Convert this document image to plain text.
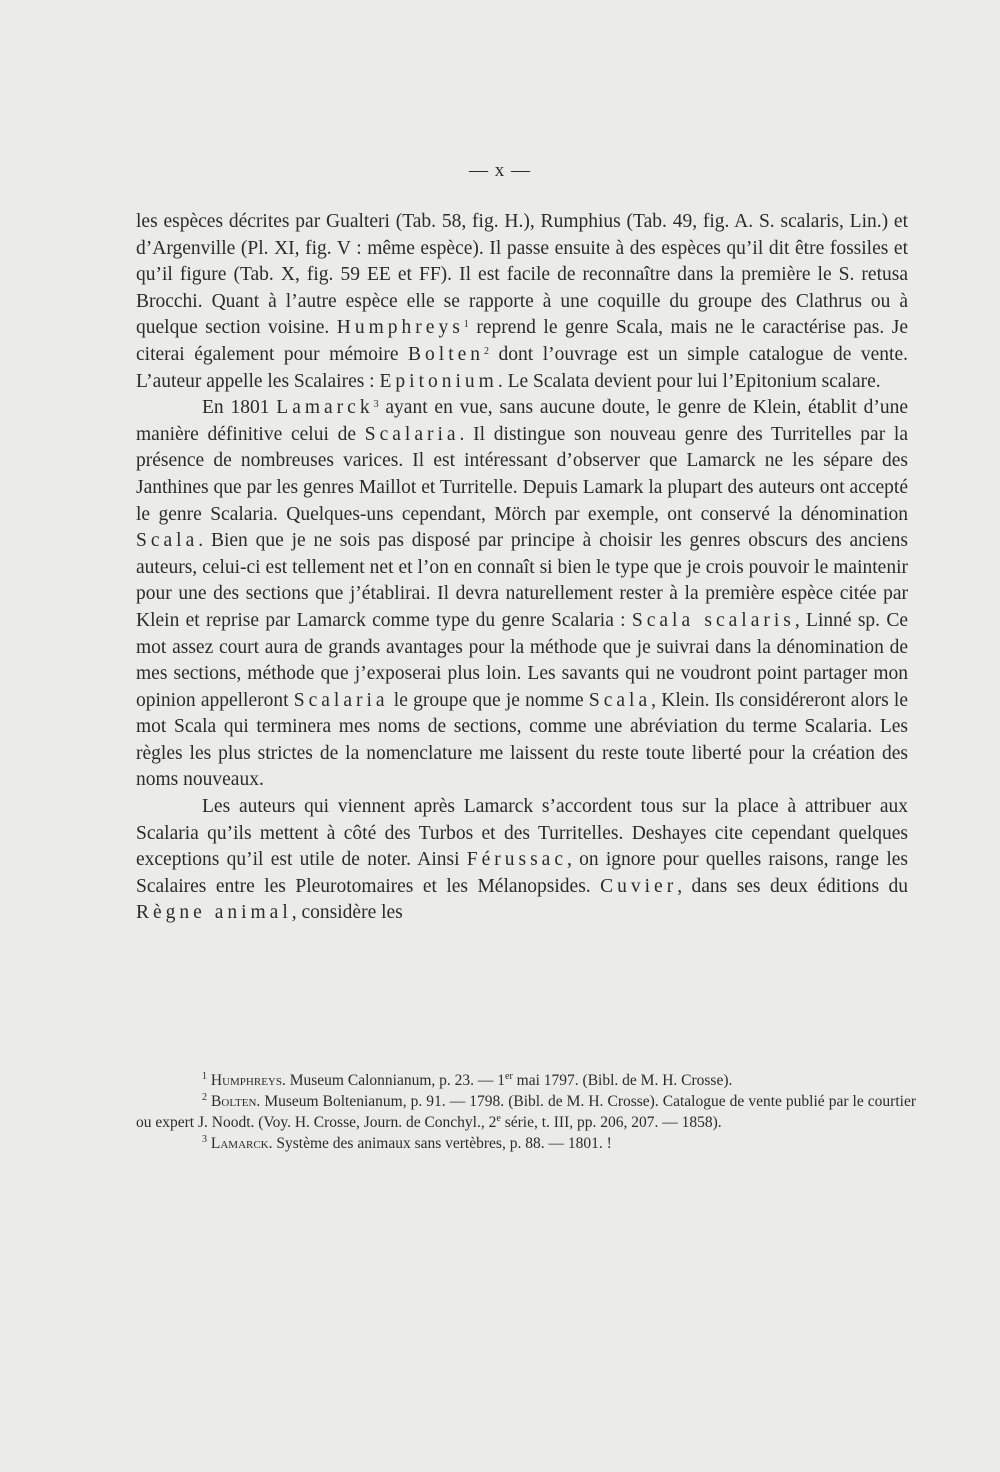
— x —

les espèces décrites par Gualteri (Tab. 58, fig. H.), Rumphius (Tab. 49, fig. A. S. scalaris, Lin.) et d’Argenville (Pl. XI, fig. V : même espèce). Il passe ensuite à des espèces qu’il dit être fossiles et qu’il figure (Tab. X, fig. 59 EE et FF). Il est facile de reconnaître dans la première le S. retusa Brocchi. Quant à l’autre espèce elle se rapporte à une coquille du groupe des Clathrus ou à quelque section voisine. Humphreys$^1$ reprend le genre Scala, mais ne le caractérise pas. Je citerai également pour mémoire Bolten$^2$ dont l’ouvrage est un simple catalogue de vente. L’auteur appelle les Scalaires : Epitonium. Le Scalata devient pour lui l’Epitonium scalare.

En 1801 Lamarck$^3$ ayant en vue, sans aucune doute, le genre de Klein, établit d’une manière définitive celui de Scalaria. Il distingue son nouveau genre des Turritelles par la présence de nombreuses varices. Il est intéressant d’observer que Lamarck ne les sépare des Janthines que par les genres Maillot et Turritelle. Depuis Lamark la plupart des auteurs ont accepté le genre Scalaria. Quelques-uns cependant, Mörch par exemple, ont conservé la dénomination Scala. Bien que je ne sois pas disposé par principe à choisir les genres obscurs des anciens auteurs, celui-ci est tellement net et l’on en connaît si bien le type que je crois pouvoir le maintenir pour une des sections que j’établirai. Il devra naturellement rester à la première espèce citée par Klein et reprise par Lamarck comme type du genre Scalaria : Scala scalaris, Linné sp. Ce mot assez court aura de grands avantages pour la méthode que je suivrai dans la dénomination de mes sections, méthode que j’exposerai plus loin. Les savants qui ne voudront point partager mon opinion appelleront Scalaria le groupe que je nomme Scala, Klein. Ils considéreront alors le mot Scala qui terminera mes noms de sections, comme une abréviation du terme Scalaria. Les règles les plus strictes de la nomenclature me laissent du reste toute liberté pour la création des noms nouveaux.

Les auteurs qui viennent après Lamarck s’accordent tous sur la place à attribuer aux Scalaria qu’ils mettent à côté des Turbos et des Turritelles. Deshayes cite cependant quelques exceptions qu’il est utile de noter. Ainsi Férussac, on ignore pour quelles raisons, range les Scalaires entre les Pleurotomaires et les Mélanopsides. Cuvier, dans ses deux éditions du Règne animal, considère les

$^1$ Humphreys. Museum Calonnianum, p. 23. — 1er mai 1797. (Bibl. de M. H. Crosse).

$^2$ Bolten. Museum Boltenianum, p. 91. — 1798. (Bibl. de M. H. Crosse). Catalogue de vente publié par le courtier ou expert J. Noodt. (Voy. H. Crosse, Journ. de Conchyl., 2e série, t. III, pp. 206, 207. — 1858).

$^3$ Lamarck. Système des animaux sans vertèbres, p. 88. — 1801. !
